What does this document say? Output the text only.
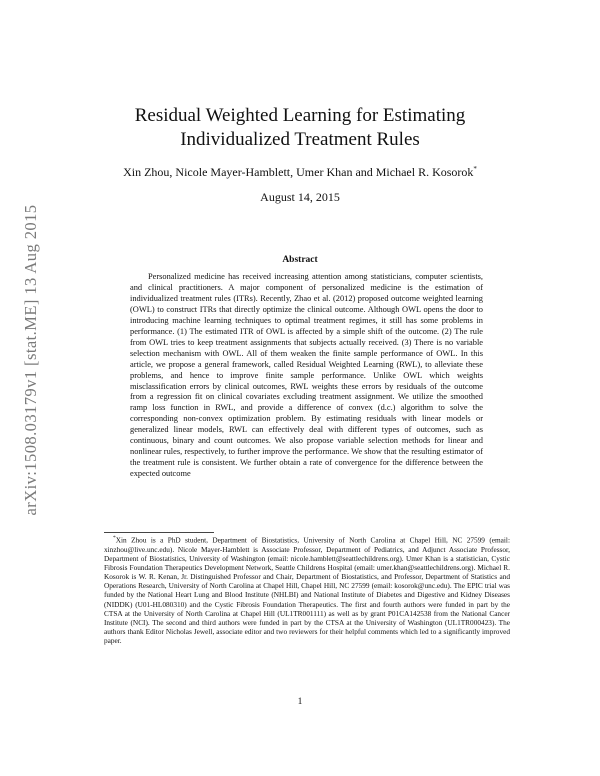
arXiv:1508.03179v1 [stat.ME] 13 Aug 2015
Residual Weighted Learning for Estimating
Individualized Treatment Rules
Xin Zhou, Nicole Mayer-Hamblett, Umer Khan and Michael R. Kosorok*
August 14, 2015
Abstract

Personalized medicine has received increasing attention among statisticians, computer scientists, and clinical practitioners. A major component of personalized medicine is the estimation of individualized treatment rules (ITRs). Recently, Zhao et al. (2012) proposed outcome weighted learning (OWL) to construct ITRs that directly optimize the clinical outcome. Although OWL opens the door to introducing machine learning techniques to optimal treatment regimes, it still has some problems in performance. (1) The estimated ITR of OWL is affected by a simple shift of the outcome. (2) The rule from OWL tries to keep treatment assignments that subjects actually received. (3) There is no variable selection mechanism with OWL. All of them weaken the finite sample performance of OWL. In this article, we propose a general framework, called Residual Weighted Learning (RWL), to alleviate these problems, and hence to improve finite sample performance. Unlike OWL which weights misclassification errors by clinical outcomes, RWL weights these errors by residuals of the outcome from a regression fit on clinical covariates excluding treatment assignment. We utilize the smoothed ramp loss function in RWL, and provide a difference of convex (d.c.) algorithm to solve the corresponding non-convex optimization problem. By estimating residuals with linear models or generalized linear models, RWL can effectively deal with different types of outcomes, such as continuous, binary and count outcomes. We also propose variable selection methods for linear and nonlinear rules, respectively, to further improve the performance. We show that the resulting estimator of the treatment rule is consistent. We further obtain a rate of convergence for the difference between the expected outcome

*Xin Zhou is a PhD student, Department of Biostatistics, University of North Carolina at Chapel Hill, NC 27599 (email: xinzhou@live.unc.edu). Nicole Mayer-Hamblett is Associate Professor, Department of Pediatrics, and Adjunct Associate Professor, Department of Biostatistics, University of Washington (email: nicole.hamblett@seattlechildrens.org). Umer Khan is a statistician, Cystic Fibrosis Foundation Therapeutics Development Network, Seattle Childrens Hospital (email: umer.khan@seattlechildrens.org). Michael R. Kosorok is W. R. Kenan, Jr. Distinguished Professor and Chair, Department of Biostatistics, and Professor, Department of Statistics and Operations Research, University of North Carolina at Chapel Hill, Chapel Hill, NC 27599 (email: kosorok@unc.edu). The EPIC trial was funded by the National Heart Lung and Blood Institute (NHLBI) and National Institute of Diabetes and Digestive and Kidney Diseases (NIDDK) (U01-HL080310) and the Cystic Fibrosis Foundation Therapeutics. The first and fourth authors were funded in part by the CTSA at the University of North Carolina at Chapel Hill (UL1TR001111) as well as by grant P01CA142538 from the National Cancer Institute (NCI). The second and third authors were funded in part by the CTSA at the University of Washington (UL1TR000423). The authors thank Editor Nicholas Jewell, associate editor and two reviewers for their helpful comments which led to a significantly improved paper.

1
